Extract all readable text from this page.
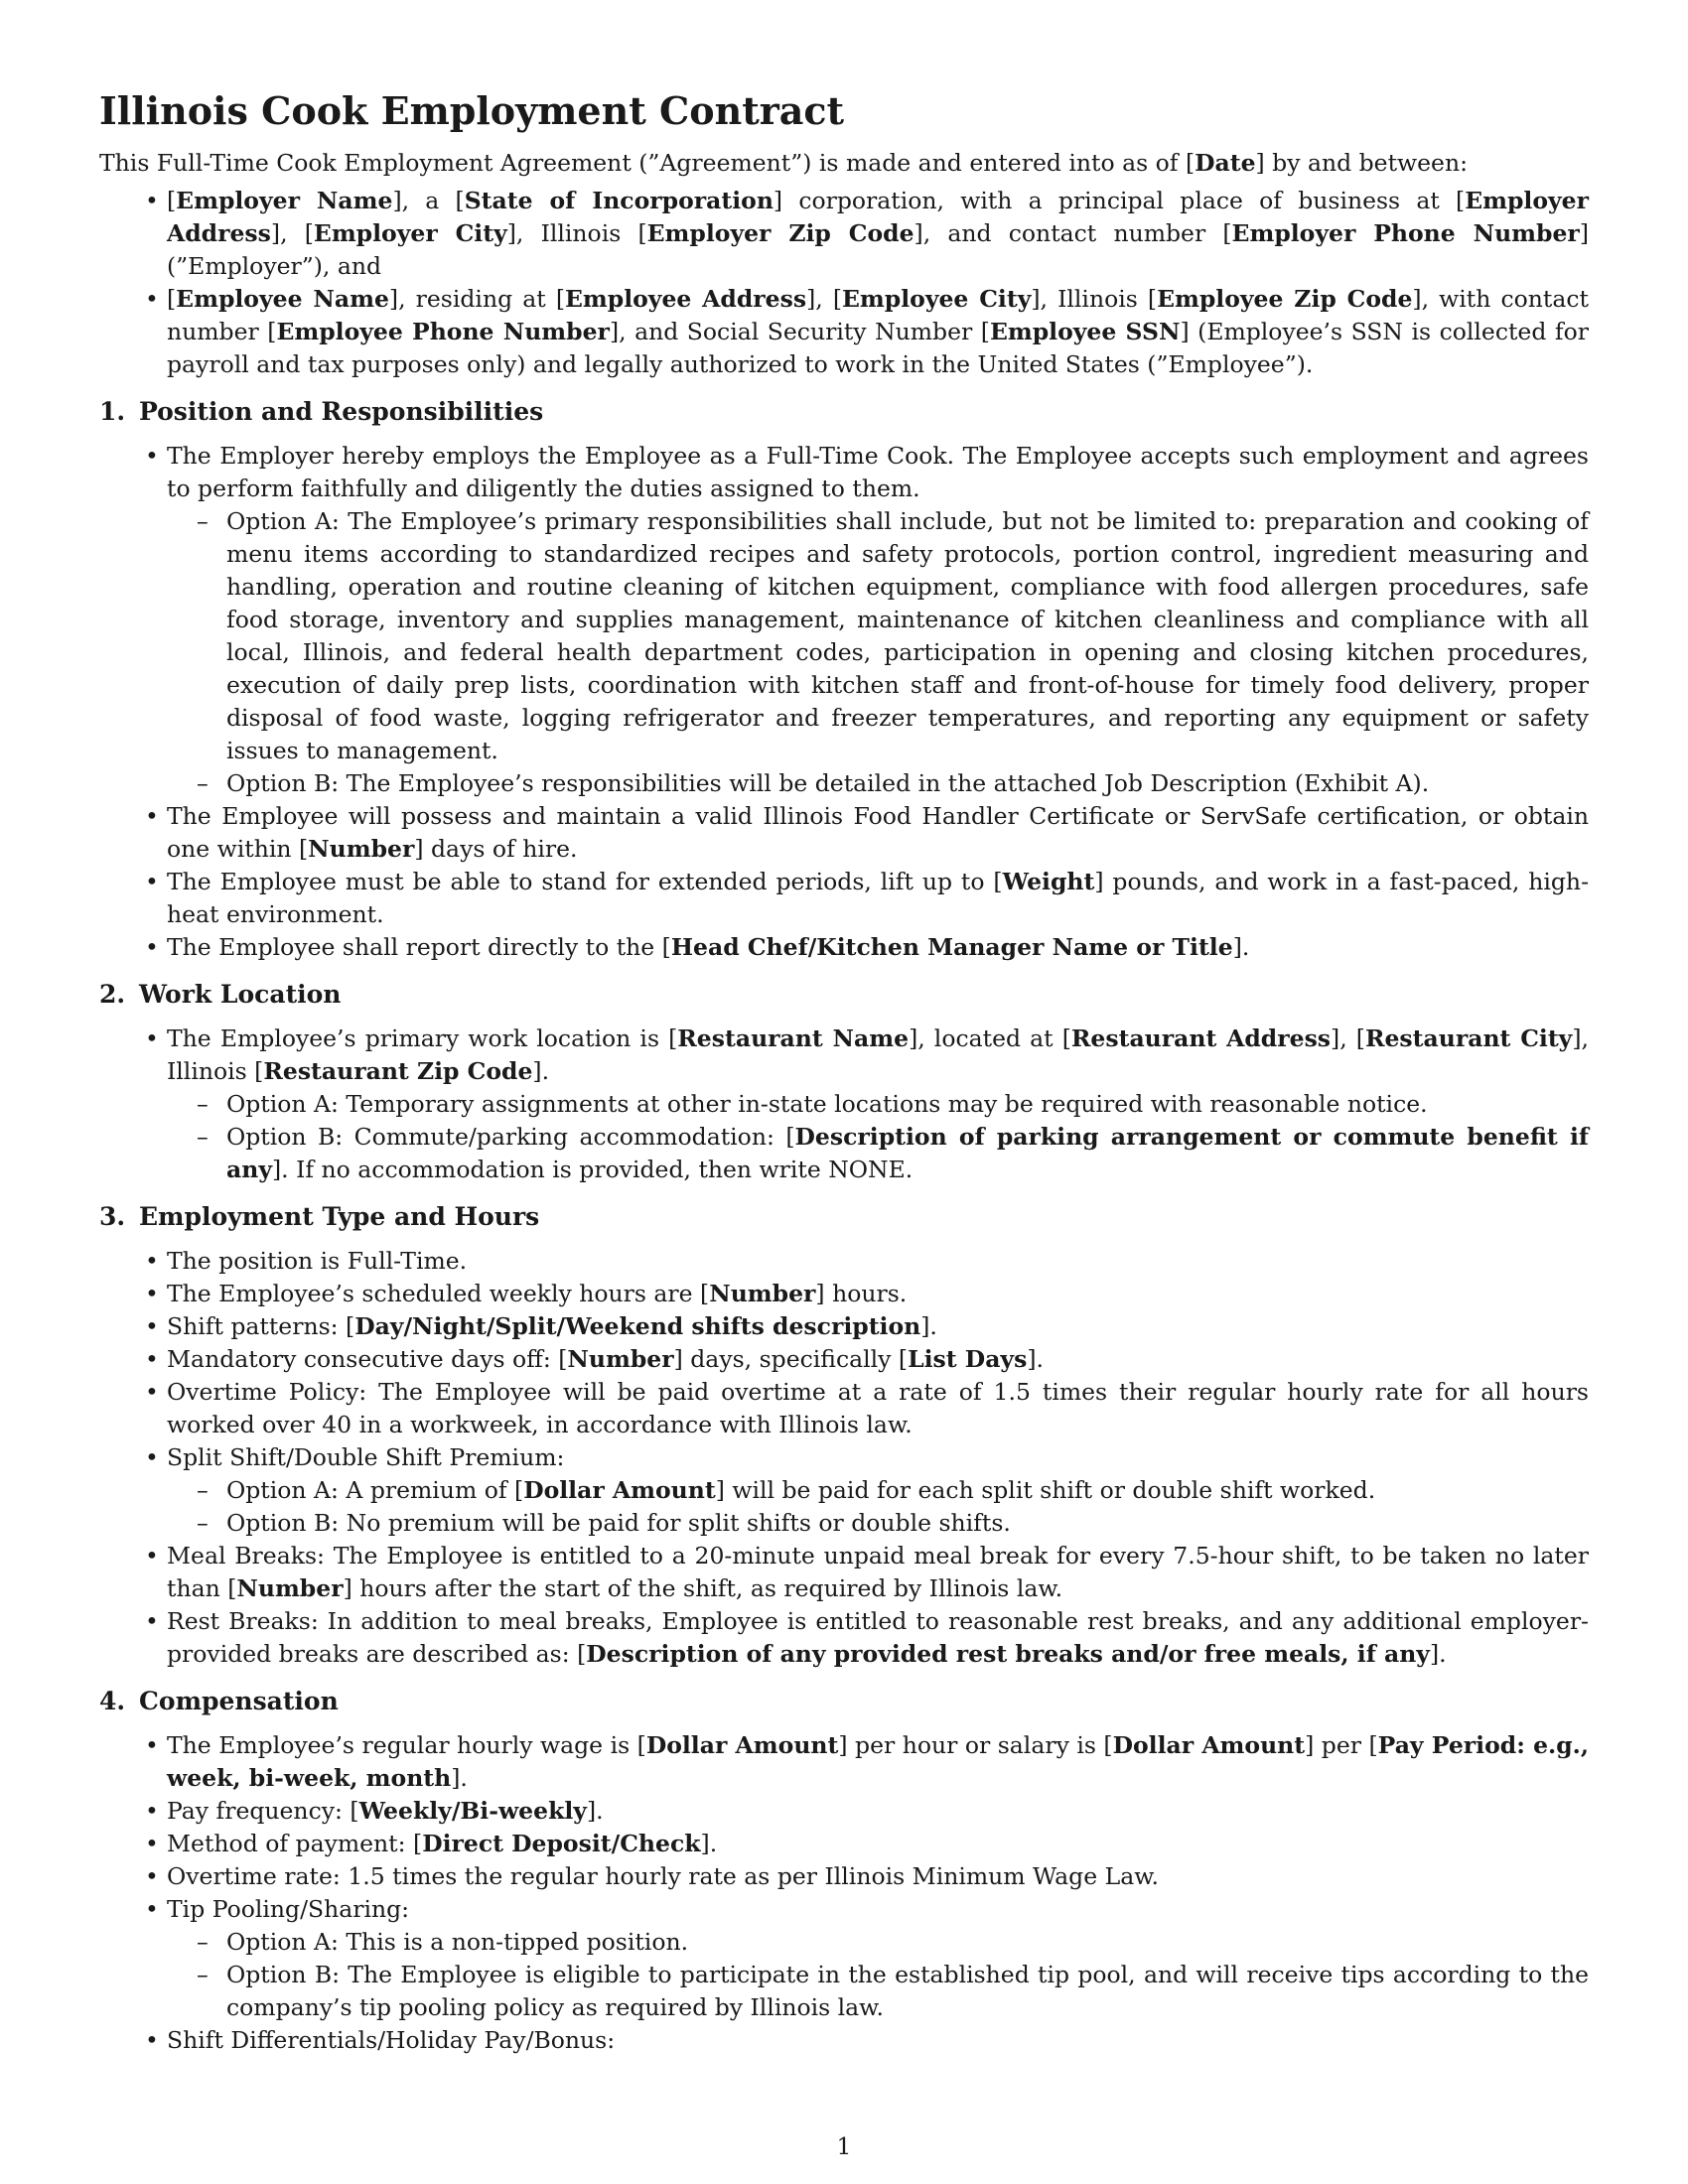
Illinois Cook Employment Contract

This Full-Time Cook Employment Agreement (”Agreement”) is made and entered into as of [Date] by and between:

• [Employer Name], a [State of Incorporation] corporation, with a principal place of business at [Employer Address], [Employer City], Illinois [Employer Zip Code], and contact number [Employer Phone Number] (”Employer”), and
• [Employee Name], residing at [Employee Address], [Employee City], Illinois [Employee Zip Code], with contact number [Employee Phone Number], and Social Security Number [Employee SSN] (Employee’s SSN is collected for payroll and tax purposes only) and legally authorized to work in the United States (”Employee”).
1. Position and Responsibilities
• The Employer hereby employs the Employee as a Full-Time Cook. The Employee accepts such employment and agrees to perform faithfully and diligently the duties assigned to them.
– Option A: The Employee’s primary responsibilities shall include, but not be limited to: preparation and cooking of menu items according to standardized recipes and safety protocols, portion control, ingredient measuring and handling, operation and routine cleaning of kitchen equipment, compliance with food allergen procedures, safe food storage, inventory and supplies management, maintenance of kitchen cleanliness and compliance with all local, Illinois, and federal health department codes, participation in opening and closing kitchen procedures, execution of daily prep lists, coordination with kitchen staff and front-of-house for timely food delivery, proper disposal of food waste, logging refrigerator and freezer temperatures, and reporting any equipment or safety issues to management.
– Option B: The Employee’s responsibilities will be detailed in the attached Job Description (Exhibit A).
• The Employee will possess and maintain a valid Illinois Food Handler Certificate or ServSafe certification, or obtain one within [Number] days of hire.
• The Employee must be able to stand for extended periods, lift up to [Weight] pounds, and work in a fast-paced, high-heat environment.
• The Employee shall report directly to the [Head Chef/Kitchen Manager Name or Title].
2. Work Location
• The Employee’s primary work location is [Restaurant Name], located at [Restaurant Address], [Restaurant City], Illinois [Restaurant Zip Code].
– Option A: Temporary assignments at other in-state locations may be required with reasonable notice.
– Option B: Commute/parking accommodation: [Description of parking arrangement or commute benefit if any]. If no accommodation is provided, then write NONE.
3. Employment Type and Hours
• The position is Full-Time.
• The Employee’s scheduled weekly hours are [Number] hours.
• Shift patterns: [Day/Night/Split/Weekend shifts description].
• Mandatory consecutive days off: [Number] days, specifically [List Days].
• Overtime Policy: The Employee will be paid overtime at a rate of 1.5 times their regular hourly rate for all hours worked over 40 in a workweek, in accordance with Illinois law.
• Split Shift/Double Shift Premium:
– Option A: A premium of [Dollar Amount] will be paid for each split shift or double shift worked.
– Option B: No premium will be paid for split shifts or double shifts.
• Meal Breaks: The Employee is entitled to a 20-minute unpaid meal break for every 7.5-hour shift, to be taken no later than [Number] hours after the start of the shift, as required by Illinois law.
• Rest Breaks: In addition to meal breaks, Employee is entitled to reasonable rest breaks, and any additional employer-provided breaks are described as: [Description of any provided rest breaks and/or free meals, if any].
4. Compensation
• The Employee’s regular hourly wage is [Dollar Amount] per hour or salary is [Dollar Amount] per [Pay Period: e.g., week, bi-week, month].
• Pay frequency: [Weekly/Bi-weekly].
• Method of payment: [Direct Deposit/Check].
• Overtime rate: 1.5 times the regular hourly rate as per Illinois Minimum Wage Law.
• Tip Pooling/Sharing:
– Option A: This is a non-tipped position.
– Option B: The Employee is eligible to participate in the established tip pool, and will receive tips according to the company’s tip pooling policy as required by Illinois law.
• Shift Differentials/Holiday Pay/Bonus:
1
